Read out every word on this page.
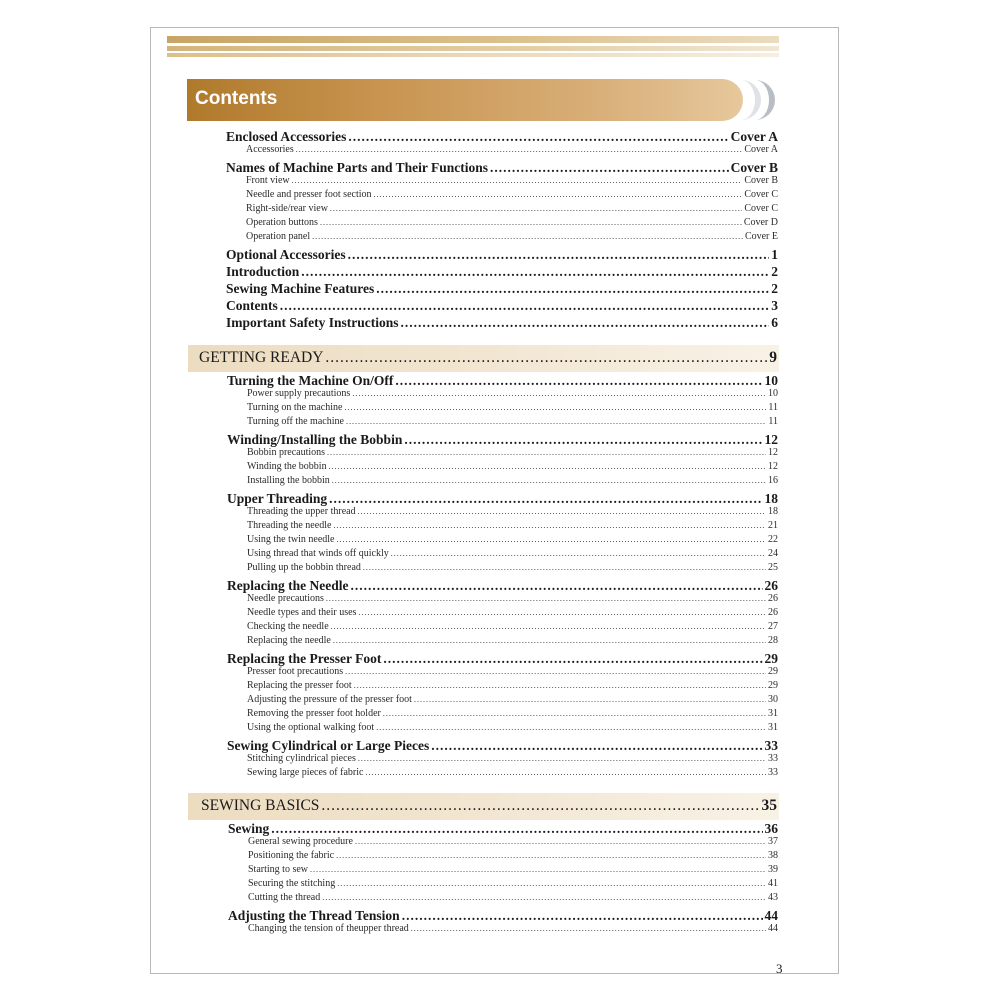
Contents
Enclosed Accessories .....	Cover A
Accessories .....	Cover A
Names of Machine Parts and Their Functions .....	Cover B
Front view .....	Cover B
Needle and presser foot section .....	Cover C
Right-side/rear view .....	Cover C
Operation buttons .....	Cover D
Operation panel .....	Cover E
Optional Accessories .....	1
Introduction .....	2
Sewing Machine Features .....	2
Contents .....	3
Important Safety Instructions .....	6
GETTING READY .....	9
Turning the Machine On/Off .....	10
Power supply precautions .....	10
Turning on the machine .....	11
Turning off the machine .....	11
Winding/Installing the Bobbin .....	12
Bobbin precautions .....	12
Winding the bobbin .....	12
Installing the bobbin .....	16
Upper Threading .....	18
Threading the upper thread .....	18
Threading the needle .....	21
Using the twin needle .....	22
Using thread that winds off quickly .....	24
Pulling up the bobbin thread .....	25
Replacing the Needle .....	26
Needle precautions .....	26
Needle types and their uses .....	26
Checking the needle .....	27
Replacing the needle .....	28
Replacing the Presser Foot .....	29
Presser foot precautions .....	29
Replacing the presser foot .....	29
Adjusting the pressure of the presser foot .....	30
Removing the presser foot holder .....	31
Using the optional walking foot .....	31
Sewing Cylindrical or Large Pieces .....	33
Stitching cylindrical pieces .....	33
Sewing large pieces of fabric .....	33
SEWING BASICS .....	35
Sewing .....	36
General sewing procedure .....	37
Positioning the fabric .....	38
Starting to sew .....	39
Securing the stitching .....	41
Cutting the thread .....	43
Adjusting the Thread Tension .....	44
Changing the tension of theupper thread .....	44
3
